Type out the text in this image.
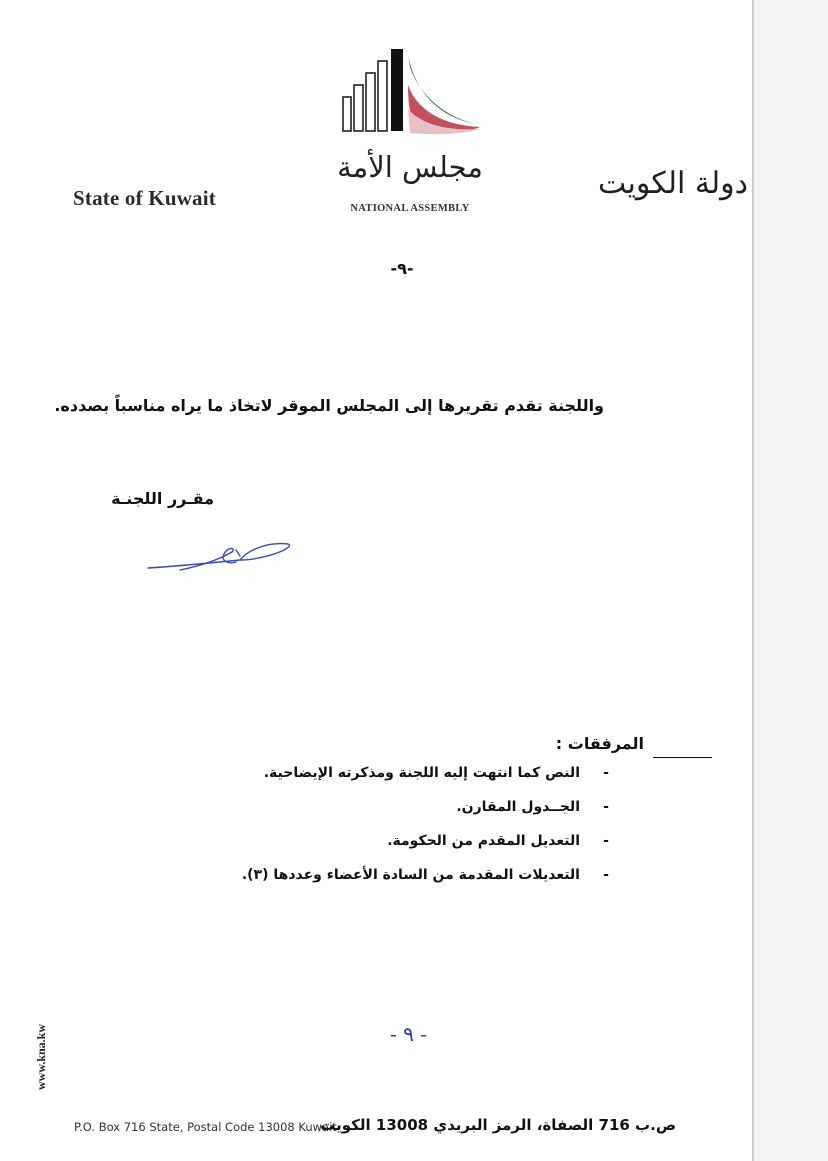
State of Kuwait
مجلس الأمة
NATIONAL ASSEMBLY
دولة الكويت
-٩-
واللجنة تقدم تقريرها إلى المجلس الموقر لاتخاذ ما يراه مناسباً بصدده.
مقـرر اللجنـة
المرفقات :
-
النص كما انتهت إليه اللجنة ومذكرته الإيضاحية.
-
الجــدول المقارن.
-
التعديل المقدم من الحكومة.
-
التعديلات المقدمة من السادة الأعضاء وعددها (٣).
www.kna.kw	- ٩ -
P.O. Box 716 State, Postal Code 13008 Kuwait
ص.ب 716 الصفاة، الرمز البريدي 13008 الكويت
